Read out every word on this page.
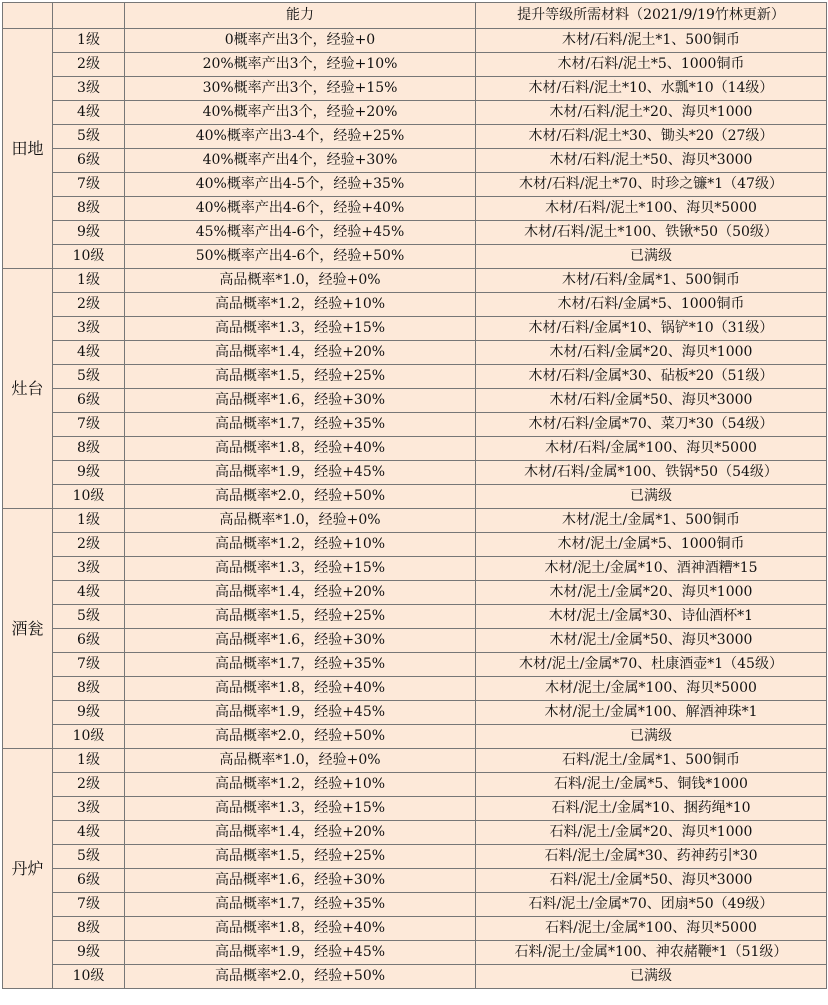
		能力	提升等级所需材料（2021/9/19竹林更新）
田地	1级	0概率产出3个，经验+0	木材/石料/泥土*1、500铜币
	2级	20%概率产出3个，经验+10%	木材/石料/泥土*5、1000铜币
	3级	30%概率产出3个，经验+15%	木材/石料/泥土*10、水瓢*10（14级）
	4级	40%概率产出3个，经验+20%	木材/石料/泥土*20、海贝*1000
	5级	40%概率产出3-4个，经验+25%	木材/石料/泥土*30、锄头*20（27级）
	6级	40%概率产出4个，经验+30%	木材/石料/泥土*50、海贝*3000
	7级	40%概率产出4-5个，经验+35%	木材/石料/泥土*70、时珍之镰*1（47级）
	8级	40%概率产出4-6个，经验+40%	木材/石料/泥土*100、海贝*5000
	9级	45%概率产出4-6个，经验+45%	木材/石料/泥土*100、铁锹*50（50级）
	10级	50%概率产出4-6个，经验+50%	已满级
灶台	1级	高品概率*1.0，经验+0%	木材/石料/金属*1、500铜币
	2级	高品概率*1.2，经验+10%	木材/石料/金属*5、1000铜币
	3级	高品概率*1.3，经验+15%	木材/石料/金属*10、锅铲*10（31级）
	4级	高品概率*1.4，经验+20%	木材/石料/金属*20、海贝*1000
	5级	高品概率*1.5，经验+25%	木材/石料/金属*30、砧板*20（51级）
	6级	高品概率*1.6，经验+30%	木材/石料/金属*50、海贝*3000
	7级	高品概率*1.7，经验+35%	木材/石料/金属*70、菜刀*30（54级）
	8级	高品概率*1.8，经验+40%	木材/石料/金属*100、海贝*5000
	9级	高品概率*1.9，经验+45%	木材/石料/金属*100、铁锅*50（54级）
	10级	高品概率*2.0，经验+50%	已满级
酒瓮	1级	高品概率*1.0，经验+0%	木材/泥土/金属*1、500铜币
	2级	高品概率*1.2，经验+10%	木材/泥土/金属*5、1000铜币
	3级	高品概率*1.3，经验+15%	木材/泥土/金属*10、酒神酒糟*15
	4级	高品概率*1.4，经验+20%	木材/泥土/金属*20、海贝*1000
	5级	高品概率*1.5，经验+25%	木材/泥土/金属*30、诗仙酒杯*1
	6级	高品概率*1.6，经验+30%	木材/泥土/金属*50、海贝*3000
	7级	高品概率*1.7，经验+35%	木材/泥土/金属*70、杜康酒壶*1（45级）
	8级	高品概率*1.8，经验+40%	木材/泥土/金属*100、海贝*5000
	9级	高品概率*1.9，经验+45%	木材/泥土/金属*100、解酒神珠*1
	10级	高品概率*2.0，经验+50%	已满级
丹炉	1级	高品概率*1.0，经验+0%	石料/泥土/金属*1、500铜币
	2级	高品概率*1.2，经验+10%	石料/泥土/金属*5、铜钱*1000
	3级	高品概率*1.3，经验+15%	石料/泥土/金属*10、捆药绳*10
	4级	高品概率*1.4，经验+20%	石料/泥土/金属*20、海贝*1000
	5级	高品概率*1.5，经验+25%	石料/泥土/金属*30、药神药引*30
	6级	高品概率*1.6，经验+30%	石料/泥土/金属*50、海贝*3000
	7级	高品概率*1.7，经验+35%	石料/泥土/金属*70、团扇*50（49级）
	8级	高品概率*1.8，经验+40%	石料/泥土/金属*100、海贝*5000
	9级	高品概率*1.9，经验+45%	石料/泥土/金属*100、神农赭鞭*1（51级）
	10级	高品概率*2.0，经验+50%	已满级
